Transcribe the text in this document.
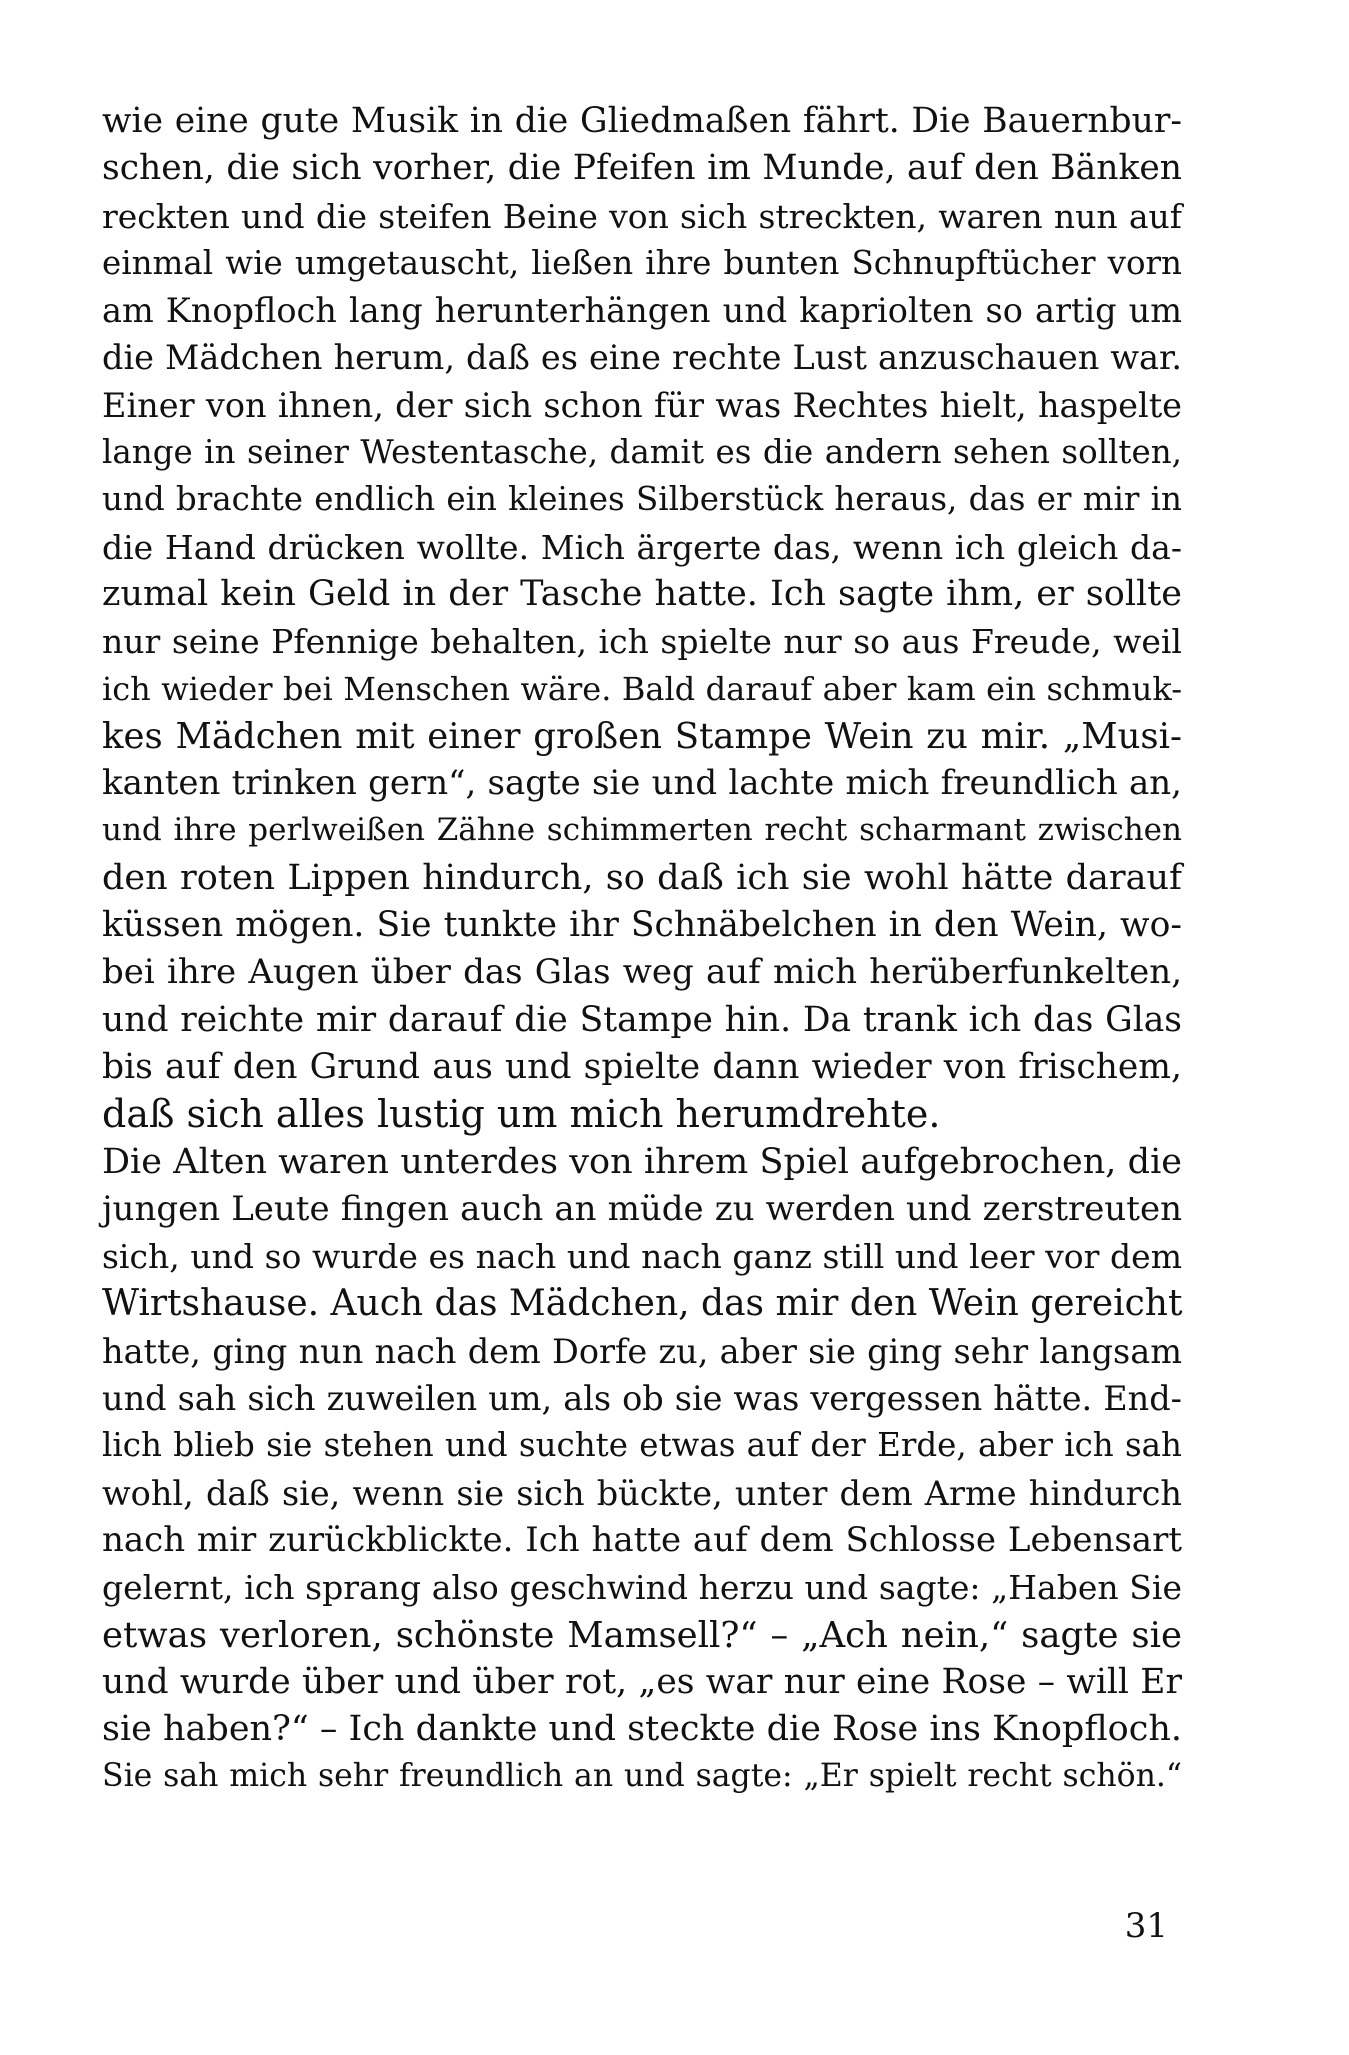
wie eine gute Musik in die Gliedmaßen fährt. Die Bauernbur-
schen, die sich vorher, die Pfeifen im Munde, auf den Bänken
reckten und die steifen Beine von sich streckten, waren nun auf
einmal wie umgetauscht, ließen ihre bunten Schnupftücher vorn
am Knopfloch lang herunterhängen und kapriolten so artig um
die Mädchen herum, daß es eine rechte Lust anzuschauen war.
Einer von ihnen, der sich schon für was Rechtes hielt, haspelte
lange in seiner Westentasche, damit es die andern sehen sollten,
und brachte endlich ein kleines Silberstück heraus, das er mir in
die Hand drücken wollte. Mich ärgerte das, wenn ich gleich da-
zumal kein Geld in der Tasche hatte. Ich sagte ihm, er sollte
nur seine Pfennige behalten, ich spielte nur so aus Freude, weil
ich wieder bei Menschen wäre. Bald darauf aber kam ein schmuk-
kes Mädchen mit einer großen Stampe Wein zu mir. „Musi-
kanten trinken gern“, sagte sie und lachte mich freundlich an,
und ihre perlweißen Zähne schimmerten recht scharmant zwischen
den roten Lippen hindurch, so daß ich sie wohl hätte darauf
küssen mögen. Sie tunkte ihr Schnäbelchen in den Wein, wo-
bei ihre Augen über das Glas weg auf mich herüberfunkelten,
und reichte mir darauf die Stampe hin. Da trank ich das Glas
bis auf den Grund aus und spielte dann wieder von frischem,
daß sich alles lustig um mich herumdrehte.
Die Alten waren unterdes von ihrem Spiel aufgebrochen, die
jungen Leute fingen auch an müde zu werden und zerstreuten
sich, und so wurde es nach und nach ganz still und leer vor dem
Wirtshause. Auch das Mädchen, das mir den Wein gereicht
hatte, ging nun nach dem Dorfe zu, aber sie ging sehr langsam
und sah sich zuweilen um, als ob sie was vergessen hätte. End-
lich blieb sie stehen und suchte etwas auf der Erde, aber ich sah
wohl, daß sie, wenn sie sich bückte, unter dem Arme hindurch
nach mir zurückblickte. Ich hatte auf dem Schlosse Lebensart
gelernt, ich sprang also geschwind herzu und sagte: „Haben Sie
etwas verloren, schönste Mamsell?“ – „Ach nein,“ sagte sie
und wurde über und über rot, „es war nur eine Rose – will Er
sie haben?“ – Ich dankte und steckte die Rose ins Knopfloch.
Sie sah mich sehr freundlich an und sagte: „Er spielt recht schön.“
31
